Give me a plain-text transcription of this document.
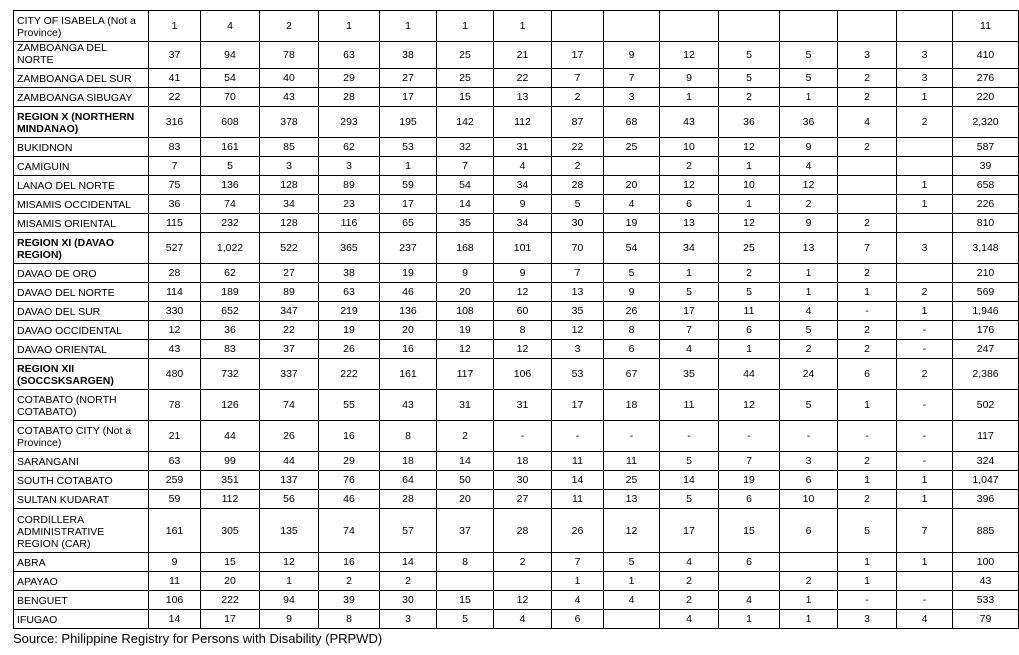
CITY OF ISABELA (Not a Province)	1	4	2	1	1	1	1								11
ZAMBOANGA DEL NORTE	37	94	78	63	38	25	21	17	9	12	5	5	3	3	410
ZAMBOANGA DEL SUR	41	54	40	29	27	25	22	7	7	9	5	5	2	3	276
ZAMBOANGA SIBUGAY	22	70	43	28	17	15	13	2	3	1	2	1	2	1	220
REGION X (NORTHERN MINDANAO)	316	608	378	293	195	142	112	87	68	43	36	36	4	2	2,320
BUKIDNON	83	161	85	62	53	32	31	22	25	10	12	9	2		587
CAMIGUIN	7	5	3	3	1	7	4	2		2	1	4			39
LANAO DEL NORTE	75	136	128	89	59	54	34	28	20	12	10	12		1	658
MISAMIS OCCIDENTAL	36	74	34	23	17	14	9	5	4	6	1	2		1	226
MISAMIS ORIENTAL	115	232	128	116	65	35	34	30	19	13	12	9	2		810
REGION XI (DAVAO REGION)	527	1,022	522	365	237	168	101	70	54	34	25	13	7	3	3,148
DAVAO DE ORO	28	62	27	38	19	9	9	7	5	1	2	1	2		210
DAVAO DEL NORTE	114	189	89	63	46	20	12	13	9	5	5	1	1	2	569
DAVAO DEL SUR	330	652	347	219	136	108	60	35	26	17	11	4	-	1	1,946
DAVAO OCCIDENTAL	12	36	22	19	20	19	8	12	8	7	6	5	2	-	176
DAVAO ORIENTAL	43	83	37	26	16	12	12	3	6	4	1	2	2	-	247
REGION XII (SOCCSKSARGEN)	480	732	337	222	161	117	106	53	67	35	44	24	6	2	2,386
COTABATO (NORTH COTABATO)	78	126	74	55	43	31	31	17	18	11	12	5	1	-	502
COTABATO CITY (Not a Province)	21	44	26	16	8	2	-	-	-	-	-	-	-	-	117
SARANGANI	63	99	44	29	18	14	18	11	11	5	7	3	2	-	324
SOUTH COTABATO	259	351	137	76	64	50	30	14	25	14	19	6	1	1	1,047
SULTAN KUDARAT	59	112	56	46	28	20	27	11	13	5	6	10	2	1	396
CORDILLERA ADMINISTRATIVE REGION (CAR)	161	305	135	74	57	37	28	26	12	17	15	6	5	7	885
ABRA	9	15	12	16	14	8	2	7	5	4	6		1	1	100
APAYAO	11	20	1	2	2			1	1	2		2	1		43
BENGUET	106	222	94	39	30	15	12	4	4	2	4	1	-	-	533
IFUGAO	14	17	9	8	3	5	4	6		4	1	1	3	4	79
Source: Philippine Registry for Persons with Disability (PRPWD)
